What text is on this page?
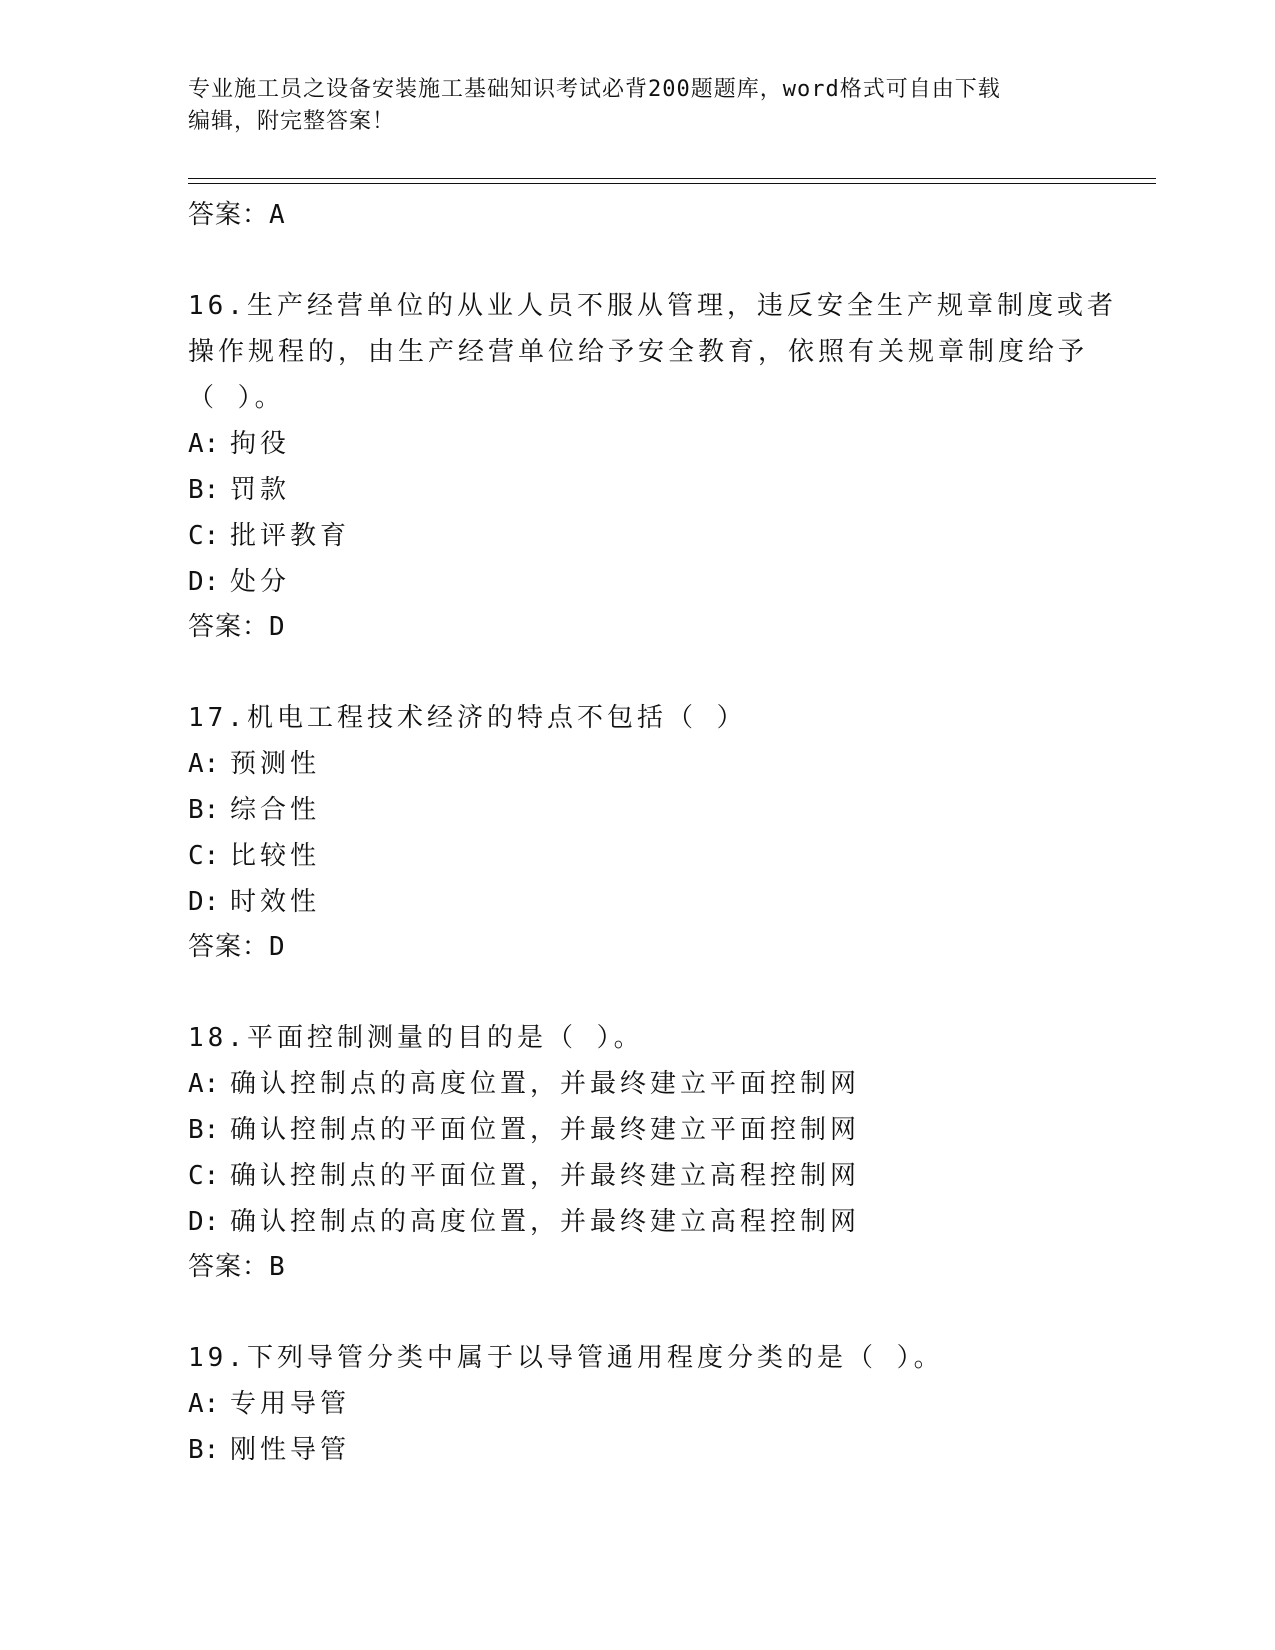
专业施工员之设备安装施工基础知识考试必背200题题库，word格式可自由下载
编辑，附完整答案！
答案：A
16.生产经营单位的从业人员不服从管理，违反安全生产规章制度或者
操作规程的，由生产经营单位给予安全教育，依照有关规章制度给予
（ ）。
A: 拘役
B: 罚款
C: 批评教育
D: 处分
答案：D
17.机电工程技术经济的特点不包括（ ）
A: 预测性
B: 综合性
C: 比较性
D: 时效性
答案：D
18.平面控制测量的目的是（ ）。
A: 确认控制点的高度位置，并最终建立平面控制网
B: 确认控制点的平面位置，并最终建立平面控制网
C: 确认控制点的平面位置，并最终建立高程控制网
D: 确认控制点的高度位置，并最终建立高程控制网
答案：B
19.下列导管分类中属于以导管通用程度分类的是（ ）。
A: 专用导管
B: 刚性导管
